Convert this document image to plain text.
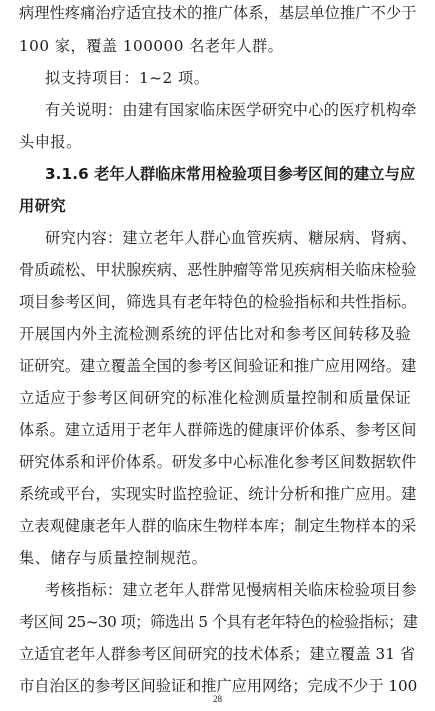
病理性疼痛治疗适宜技术的推广体系，基层单位推广不少于
100 家，覆盖 100000 名老年人群。
拟支持项目：1~2 项。
有关说明：由建有国家临床医学研究中心的医疗机构牵
头申报。
3.1.6 老年人群临床常用检验项目参考区间的建立与应
用研究
研究内容：建立老年人群心血管疾病、糖尿病、肾病、
骨质疏松、甲状腺疾病、恶性肿瘤等常见疾病相关临床检验
项目参考区间，筛选具有老年特色的检验指标和共性指标。
开展国内外主流检测系统的评估比对和参考区间转移及验
证研究。建立覆盖全国的参考区间验证和推广应用网络。建
立适应于参考区间研究的标准化检测质量控制和质量保证
体系。建立适用于老年人群筛选的健康评价体系、参考区间
研究体系和评价体系。研发多中心标准化参考区间数据软件
系统或平台，实现实时监控验证、统计分析和推广应用。建
立表观健康老年人群的临床生物样本库；制定生物样本的采
集、储存与质量控制规范。
考核指标：建立老年人群常见慢病相关临床检验项目参
考区间 25~30 项；筛选出 5 个具有老年特色的检验指标；建
立适宜老年人群参考区间研究的技术体系；建立覆盖 31 省
市自治区的参考区间验证和推广应用网络；完成不少于 100
28
